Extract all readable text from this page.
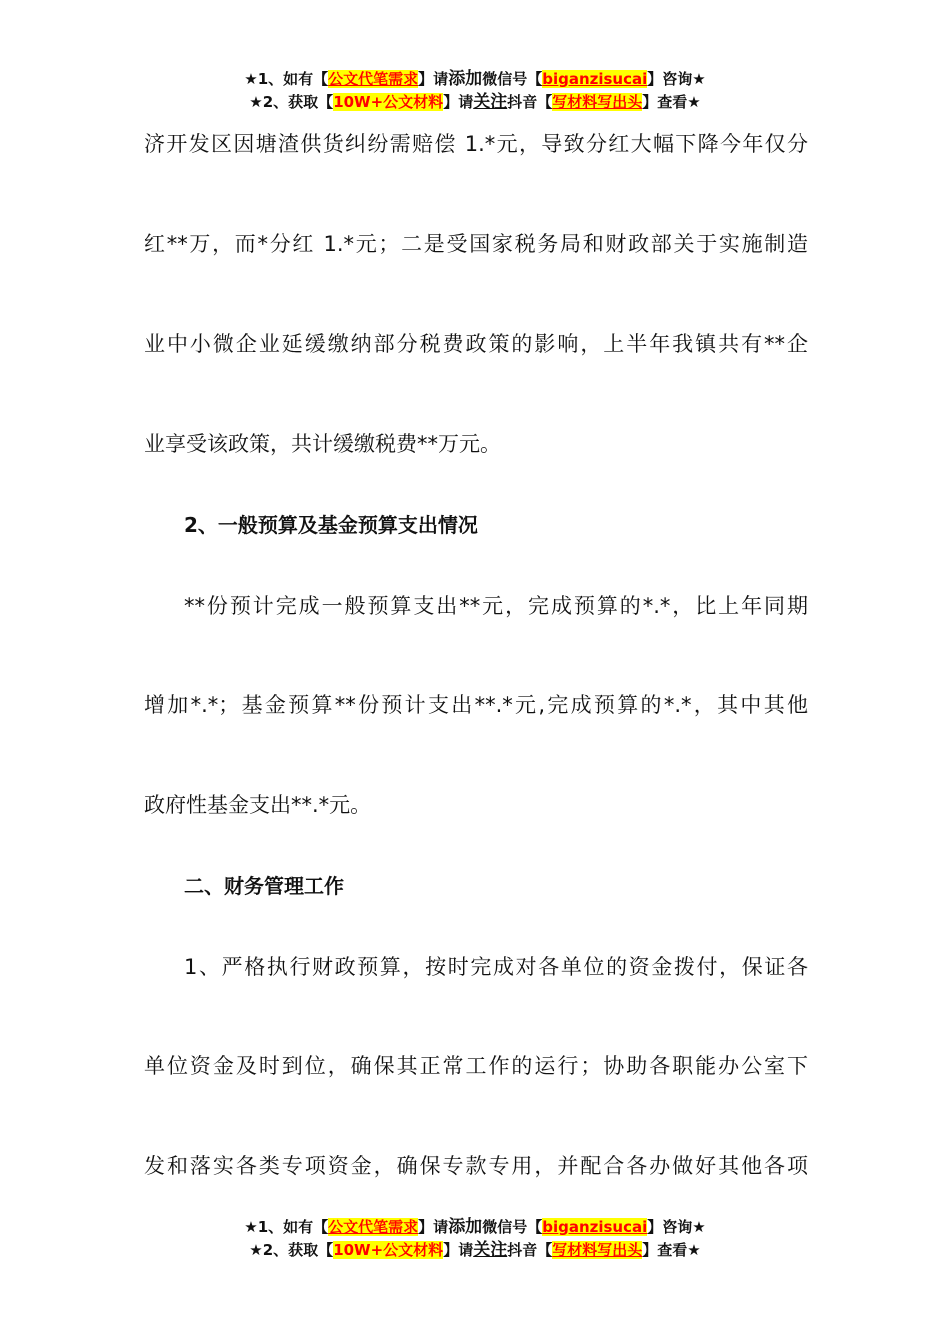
★1、如有【公文代笔需求】请添加微信号【biganzisucai】咨询★
★2、获取【10W+公文材料】请关注抖音【写材料写出头】查看★
济开发区因塘渣供货纠纷需赔偿 1.*元，导致分红大幅下降今年仅分
红**万，而*分红 1.*元；二是受国家税务局和财政部关于实施制造
业中小微企业延缓缴纳部分税费政策的影响，上半年我镇共有**企
业享受该政策，共计缓缴税费**万元。
2、一般预算及基金预算支出情况
**份预计完成一般预算支出**元，完成预算的*.*，比上年同期
增加*.*；基金预算**份预计支出**.*元,完成预算的*.*，其中其他
政府性基金支出**.*元。
二、财务管理工作
1、严格执行财政预算，按时完成对各单位的资金拨付，保证各
单位资金及时到位，确保其正常工作的运行；协助各职能办公室下
发和落实各类专项资金，确保专款专用，并配合各办做好其他各项
★1、如有【公文代笔需求】请添加微信号【biganzisucai】咨询★
★2、获取【10W+公文材料】请关注抖音【写材料写出头】查看★
